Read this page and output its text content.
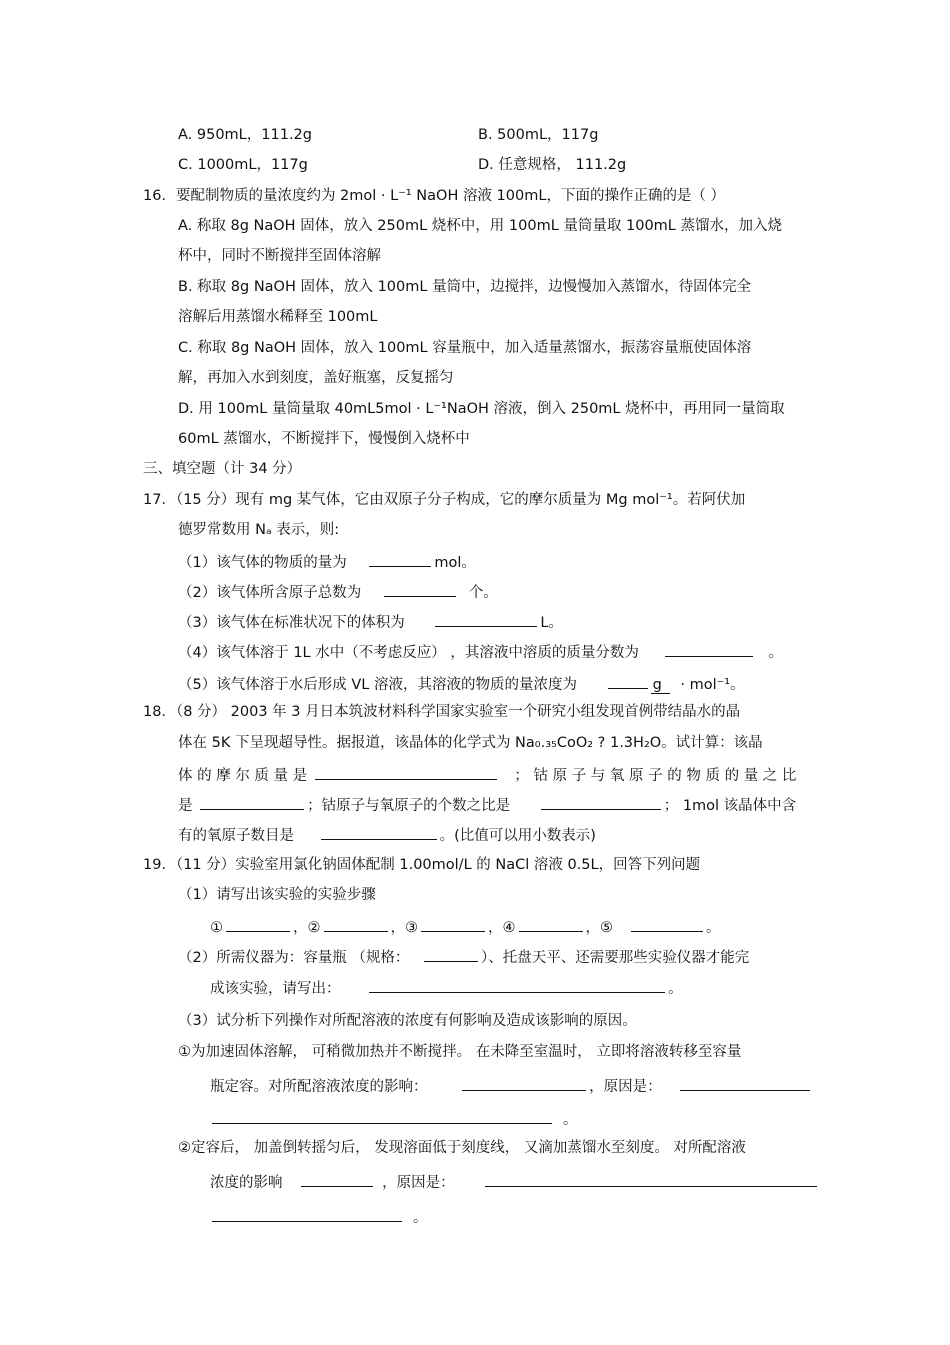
A. 950mL，111.2g	B. 500mL，117g
C. 1000mL，117g	D. 任意规格， 111.2g
16．要配制物质的量浓度约为 2mol · L⁻¹ NaOH 溶液 100mL，下面的操作正确的是（ ）
A. 称取 8g NaOH 固体，放入 250mL 烧杯中，用 100mL 量筒量取 100mL 蒸馏水，加入烧
杯中，同时不断搅拌至固体溶解
B. 称取 8g NaOH 固体，放入 100mL 量筒中，边搅拌，边慢慢加入蒸馏水，待固体完全
溶解后用蒸馏水稀释至 100mL
C. 称取 8g NaOH 固体，放入 100mL 容量瓶中，加入适量蒸馏水，振荡容量瓶使固体溶
解，再加入水到刻度，盖好瓶塞，反复摇匀
D. 用 100mL 量筒量取 40mL5mol · L⁻¹NaOH 溶液，倒入 250mL 烧杯中，再用同一量筒取
60mL 蒸馏水，不断搅拌下，慢慢倒入烧杯中
三、填空题（计 34 分）
17．（15 分）现有 mg 某气体，它由双原子分子构成，它的摩尔质量为 Mg mol⁻¹。若阿伏加
德罗常数用 Nₐ 表示，则:
（1）该气体的物质的量为	mol。
（2）该气体所含原子总数为	个。
（3）该气体在标准状况下的体积为	L。
（4）该气体溶于 1L 水中（不考虑反应） ，其溶液中溶质的质量分数为	。
（5）该气体溶于水后形成 VL 溶液，其溶液的物质的量浓度为	g · mol⁻¹。
18．（8 分） 2003 年 3 月日本筑波材料科学国家实验室一个研究小组发现首例带结晶水的晶
体在 5K 下呈现超导性。据报道，该晶体的化学式为 Na₀.₃₅CoO₂ ? 1.3H₂O。试计算：该晶
体 的 摩 尔 质 量 是	； 钴 原 子 与 氧 原 子 的 物 质 的 量 之 比
是	；钴原子与氧原子的个数之比是	； 1mol 该晶体中含
有的氧原子数目是	。(比值可以用小数表示)
19．（11 分）实验室用氯化钠固体配制 1.00mol/L 的 NaCl 溶液 0.5L，回答下列问题
（1）请写出该实验的实验步骤
①	，②	，③	，④	，⑤	。
（2）所需仪器为：容量瓶 （规格：	）、托盘天平、还需要那些实验仪器才能完
成该实验，请写出：	。
（3）试分析下列操作对所配溶液的浓度有何影响及造成该影响的原因。
①为加速固体溶解， 可稍微加热并不断搅拌。 在未降至室温时， 立即将溶液转移至容量
瓶定容。对所配溶液浓度的影响：	，原因是：
。
②定容后， 加盖倒转摇匀后， 发现溶面低于刻度线， 又滴加蒸馏水至刻度。 对所配溶液
浓度的影响	，原因是：
。
